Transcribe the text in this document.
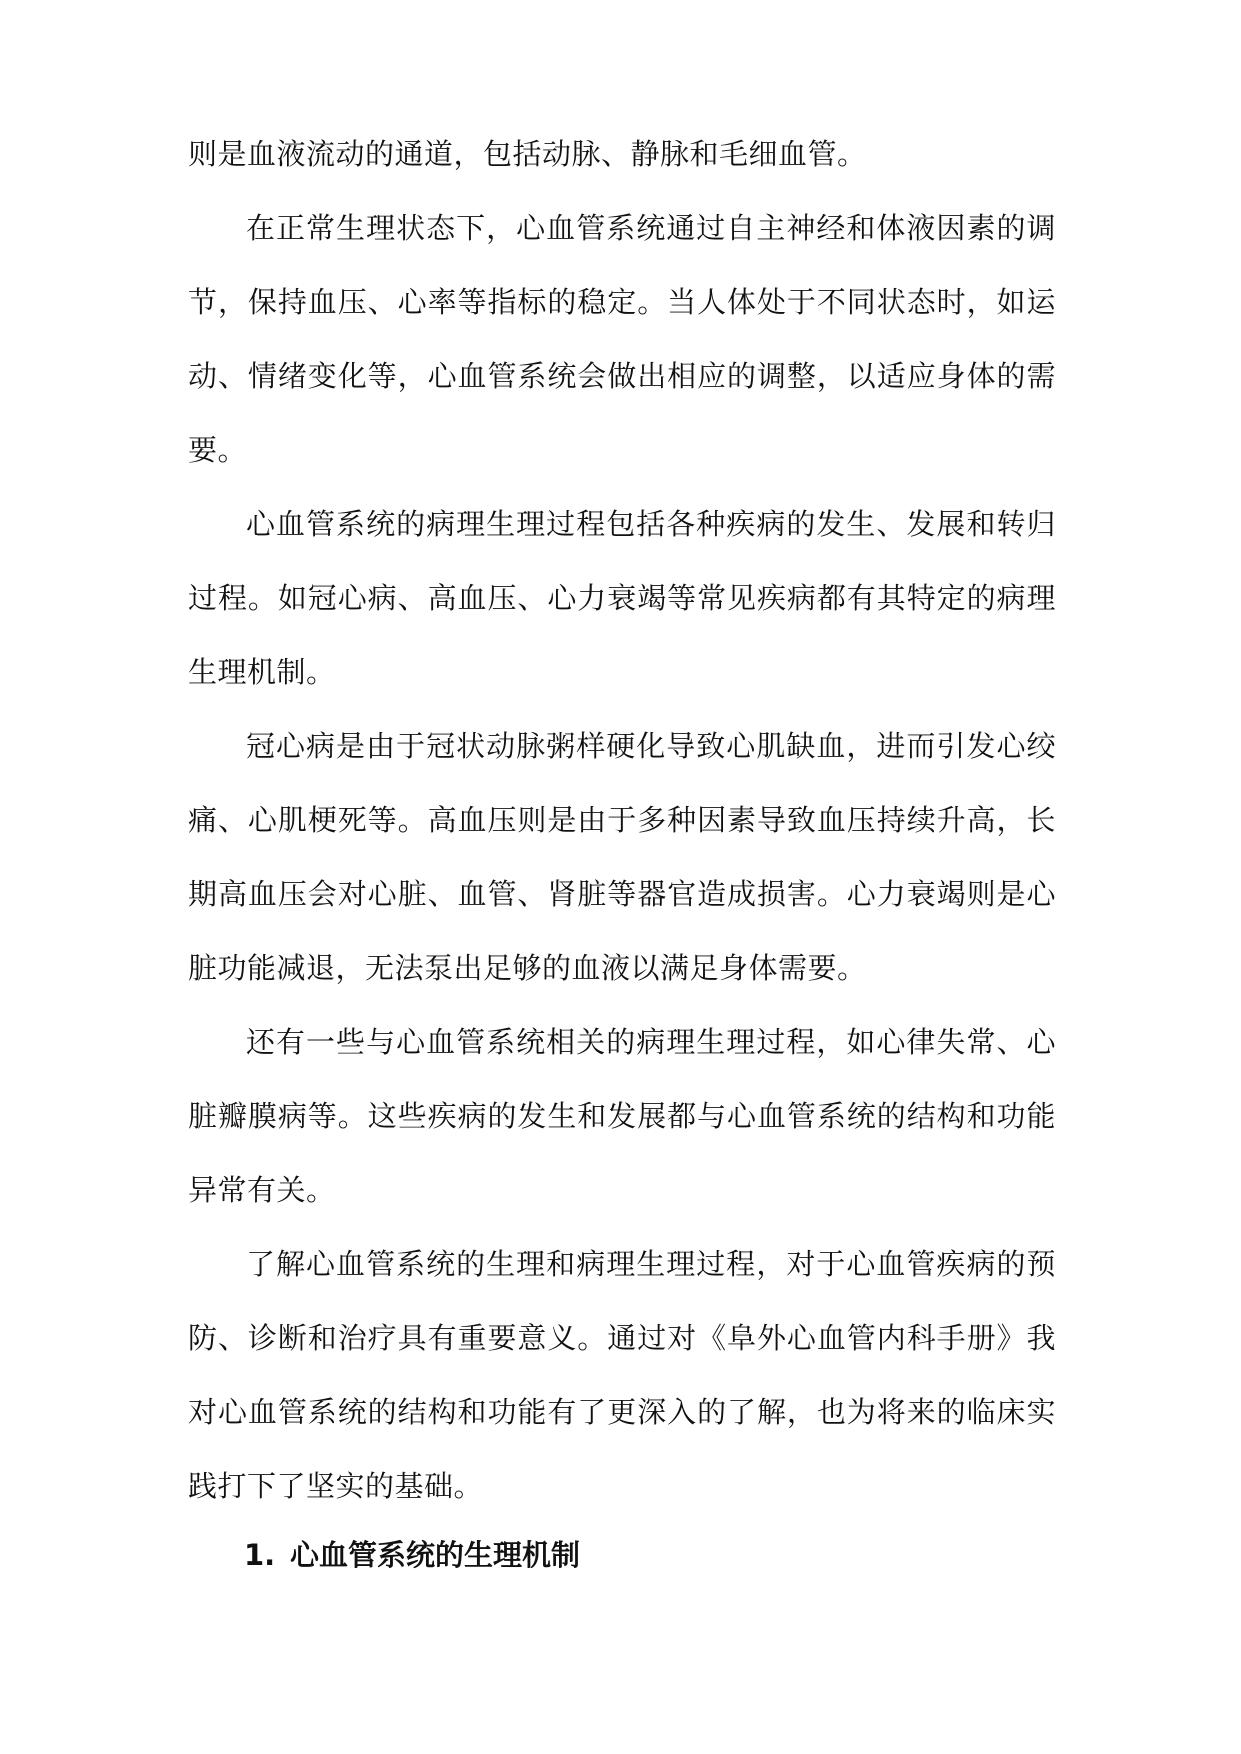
则是血液流动的通道，包括动脉、静脉和毛细血管。

在正常生理状态下，心血管系统通过自主神经和体液因素的调节，保持血压、心率等指标的稳定。当人体处于不同状态时，如运动、情绪变化等，心血管系统会做出相应的调整，以适应身体的需要。

心血管系统的病理生理过程包括各种疾病的发生、发展和转归过程。如冠心病、高血压、心力衰竭等常见疾病都有其特定的病理生理机制。

冠心病是由于冠状动脉粥样硬化导致心肌缺血，进而引发心绞痛、心肌梗死等。高血压则是由于多种因素导致血压持续升高，长期高血压会对心脏、血管、肾脏等器官造成损害。心力衰竭则是心脏功能减退，无法泵出足够的血液以满足身体需要。

还有一些与心血管系统相关的病理生理过程，如心律失常、心脏瓣膜病等。这些疾病的发生和发展都与心血管系统的结构和功能异常有关。

了解心血管系统的生理和病理生理过程，对于心血管疾病的预防、诊断和治疗具有重要意义。通过对《阜外心血管内科手册》我对心血管系统的结构和功能有了更深入的了解，也为将来的临床实践打下了坚实的基础。

1. 心血管系统的生理机制
